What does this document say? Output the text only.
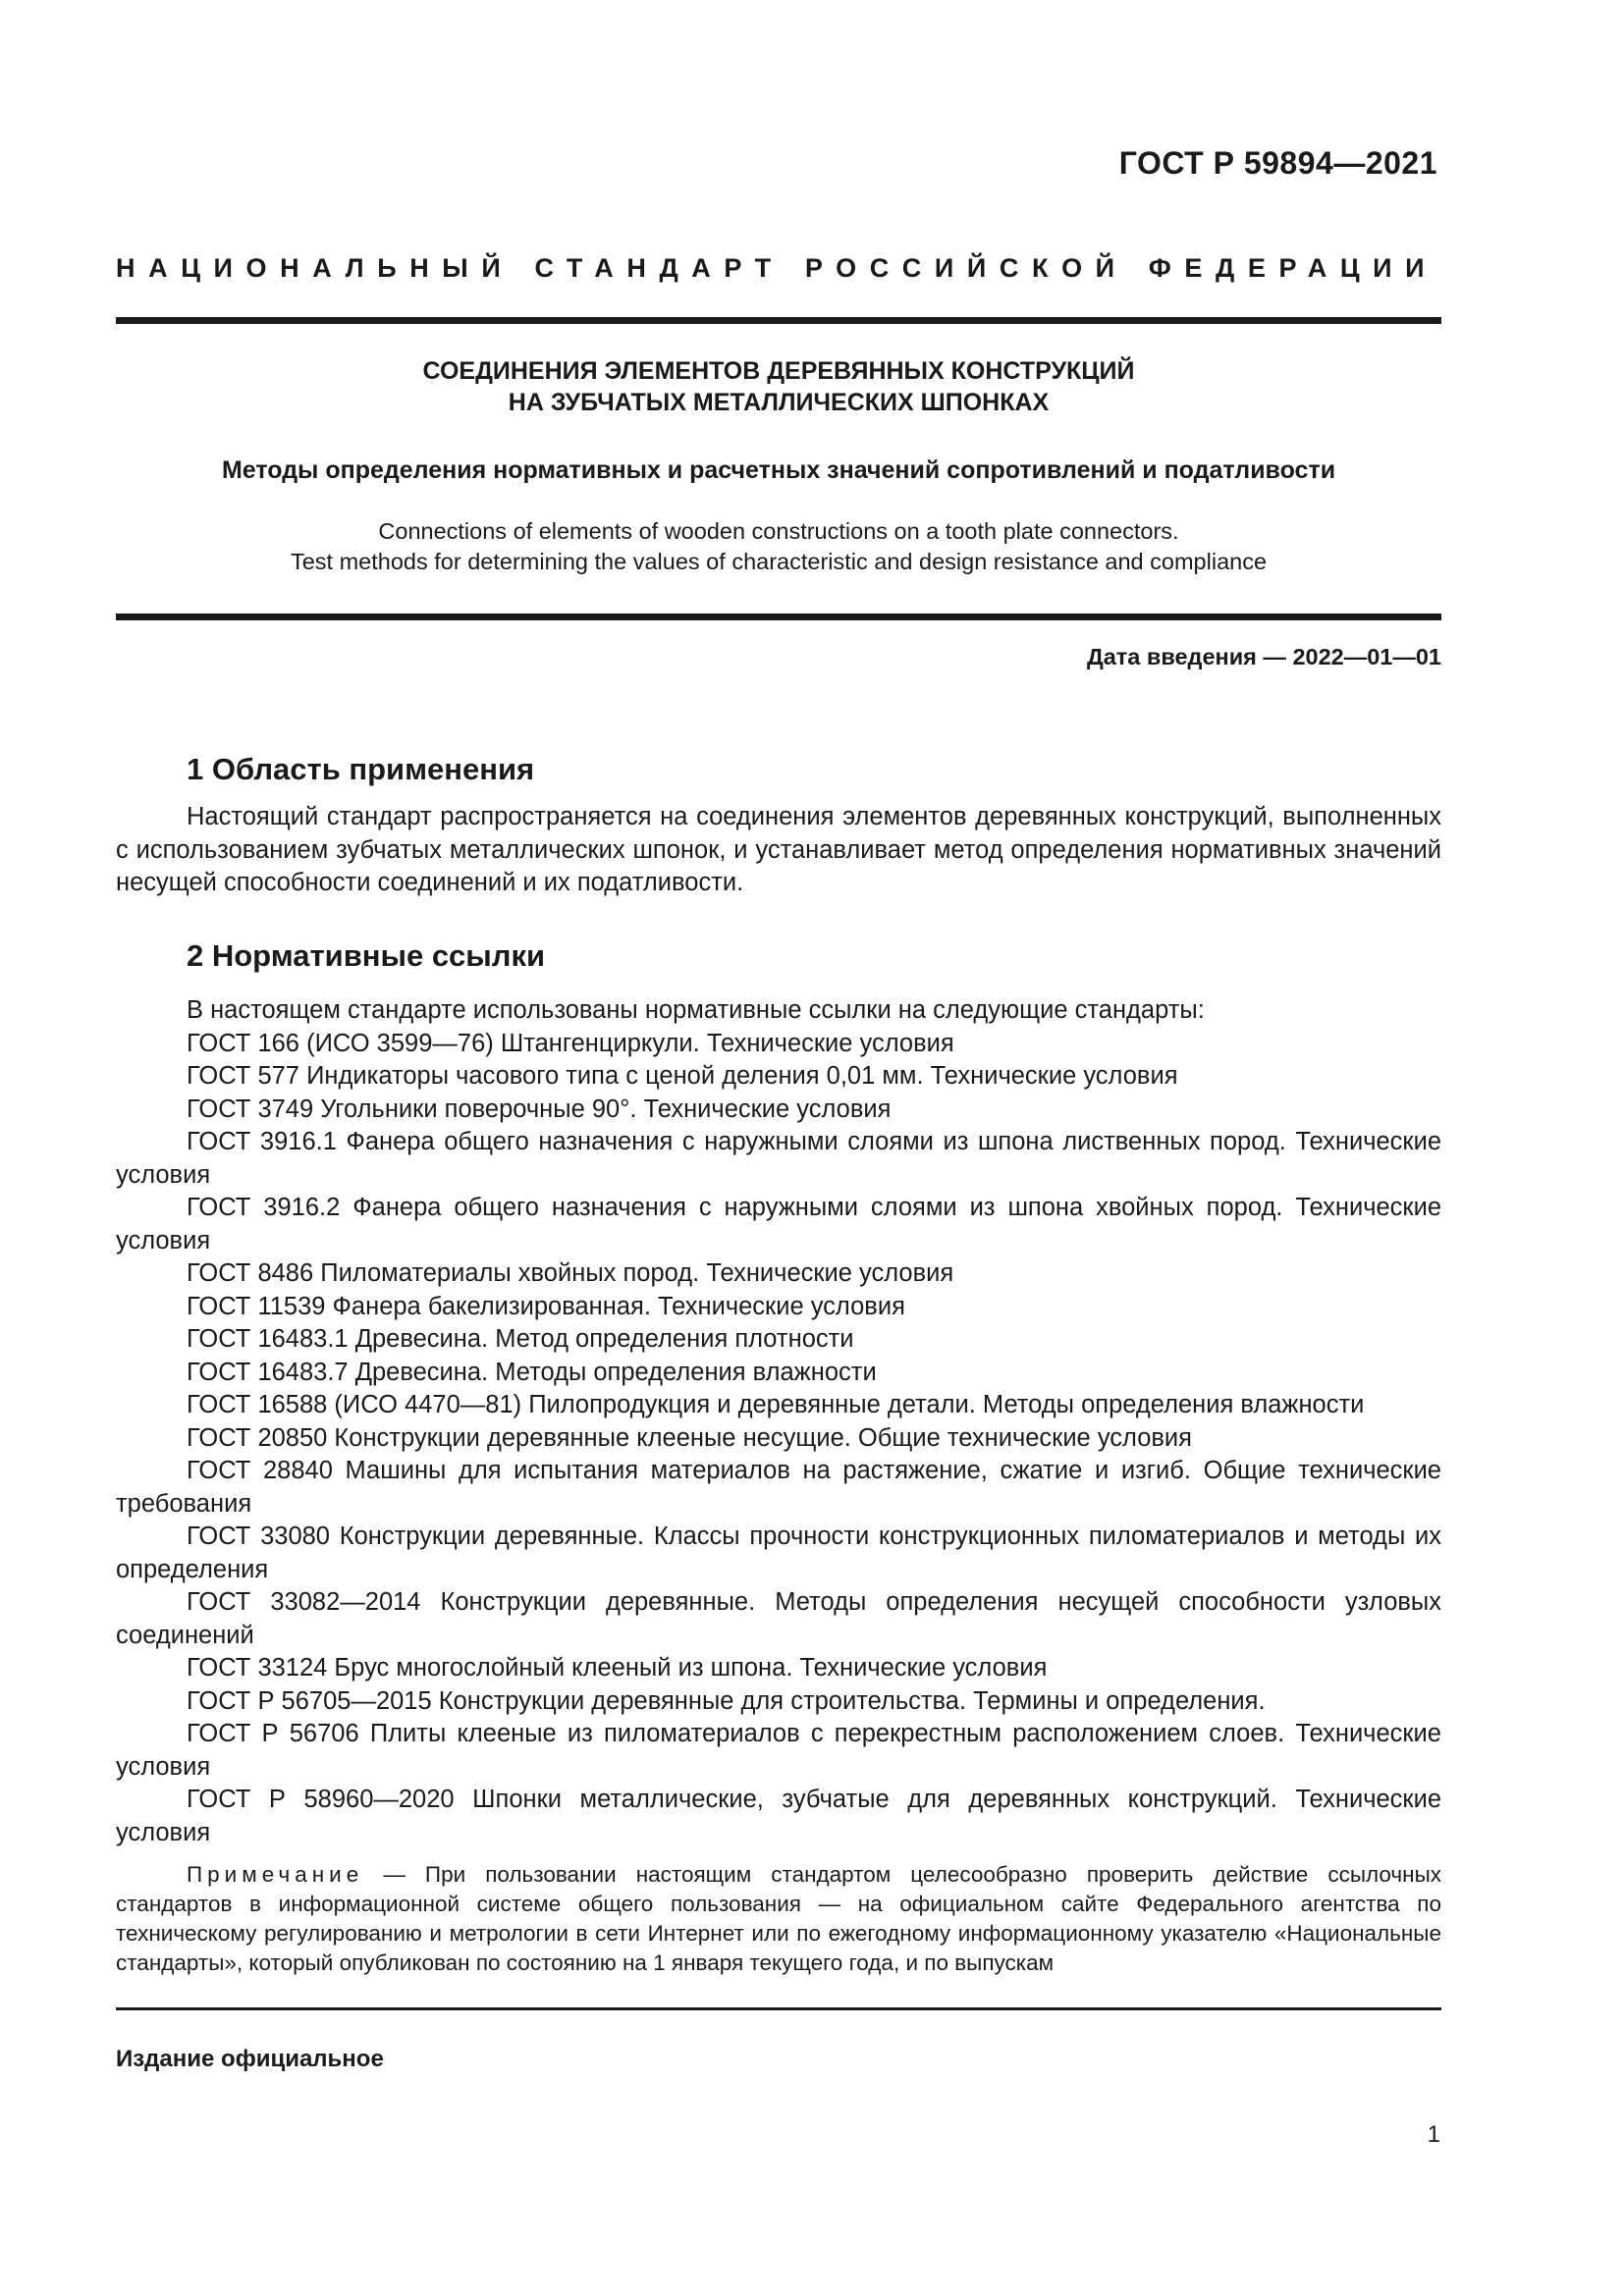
ГОСТ Р 59894—2021
НАЦИОНАЛЬНЫЙ СТАНДАРТ РОССИЙСКОЙ ФЕДЕРАЦИИ
СОЕДИНЕНИЯ ЭЛЕМЕНТОВ ДЕРЕВЯННЫХ КОНСТРУКЦИЙ
НА ЗУБЧАТЫХ МЕТАЛЛИЧЕСКИХ ШПОНКАХ
Методы определения нормативных и расчетных значений сопротивлений и податливости
Connections of elements of wooden constructions on a tooth plate connectors.
Test methods for determining the values of characteristic and design resistance and compliance
Дата введения — 2022—01—01
1 Область применения

Настоящий стандарт распространяется на соединения элементов деревянных конструкций, выполненных с использованием зубчатых металлических шпонок, и устанавливает метод определения нормативных значений несущей способности соединений и их податливости.

2 Нормативные ссылки

В настоящем стандарте использованы нормативные ссылки на следующие стандарты:

ГОСТ 166 (ИСО 3599—76) Штангенциркули. Технические условия

ГОСТ 577 Индикаторы часового типа с ценой деления 0,01 мм. Технические условия

ГОСТ 3749 Угольники поверочные 90°. Технические условия

ГОСТ 3916.1 Фанера общего назначения с наружными слоями из шпона лиственных пород. Технические условия

ГОСТ 3916.2 Фанера общего назначения с наружными слоями из шпона хвойных пород. Технические условия

ГОСТ 8486 Пиломатериалы хвойных пород. Технические условия

ГОСТ 11539 Фанера бакелизированная. Технические условия

ГОСТ 16483.1 Древесина. Метод определения плотности

ГОСТ 16483.7 Древесина. Методы определения влажности

ГОСТ 16588 (ИСО 4470—81) Пилопродукция и деревянные детали. Методы определения влажности

ГОСТ 20850 Конструкции деревянные клееные несущие. Общие технические условия

ГОСТ 28840 Машины для испытания материалов на растяжение, сжатие и изгиб. Общие технические требования

ГОСТ 33080 Конструкции деревянные. Классы прочности конструкционных пиломатериалов и методы их определения

ГОСТ 33082—2014 Конструкции деревянные. Методы определения несущей способности узловых соединений

ГОСТ 33124 Брус многослойный клееный из шпона. Технические условия

ГОСТ Р 56705—2015 Конструкции деревянные для строительства. Термины и определения.

ГОСТ Р 56706 Плиты клееные из пиломатериалов с перекрестным расположением слоев. Технические условия

ГОСТ Р 58960—2020 Шпонки металлические, зубчатые для деревянных конструкций. Технические условия

Примечание — При пользовании настоящим стандартом целесообразно проверить действие ссылочных стандартов в информационной системе общего пользования — на официальном сайте Федерального агентства по техническому регулированию и метрологии в сети Интернет или по ежегодному информационному указателю «Национальные стандарты», который опубликован по состоянию на 1 января текущего года, и по выпускам
Издание официальное
1
